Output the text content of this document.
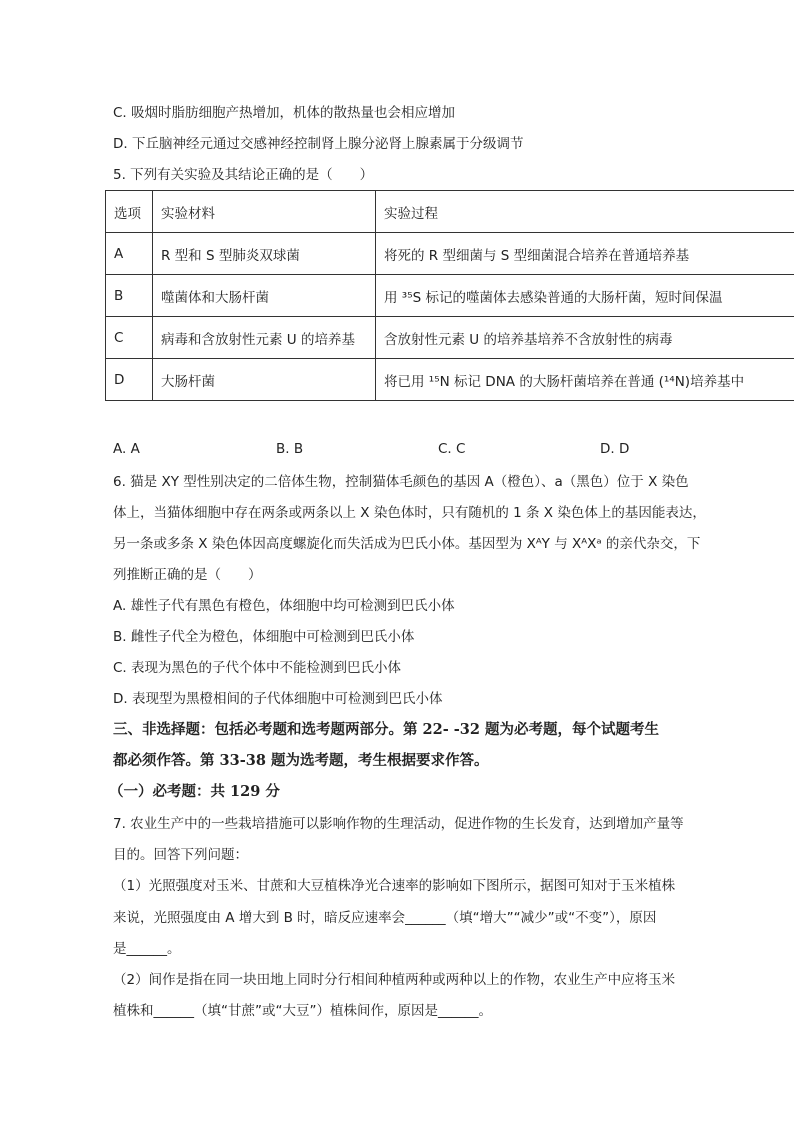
C. 吸烟时脂肪细胞产热增加，机体的散热量也会相应增加
D. 下丘脑神经元通过交感神经控制肾上腺分泌肾上腺素属于分级调节
5. 下列有关实验及其结论正确的是（　　）
选项	实验材料	实验过程
A	R 型和 S 型肺炎双球菌	将死的 R 型细菌与 S 型细菌混合培养在普通培养基
B	噬菌体和大肠杆菌	用 ³⁵S 标记的噬菌体去感染普通的大肠杆菌，短时间保温
C	病毒和含放射性元素 U 的培养基	含放射性元素 U 的培养基培养不含放射性的病毒
D	大肠杆菌	将已用 ¹⁵N 标记 DNA 的大肠杆菌培养在普通 (¹⁴N)培养基中
A. A	B. B	C. C	D. D
6. 猫是 XY 型性别决定的二倍体生物，控制猫体毛颜色的基因 A（橙色）、a（黑色）位于 X 染色
体上，当猫体细胞中存在两条或两条以上 X 染色体时，只有随机的 1 条 X 染色体上的基因能表达，
另一条或多条 X 染色体因高度螺旋化而失活成为巴氏小体。基因型为 XᴬY 与 XᴬXᵃ 的亲代杂交，下
列推断正确的是（　　）
A. 雄性子代有黑色有橙色，体细胞中均可检测到巴氏小体
B. 雌性子代全为橙色，体细胞中可检测到巴氏小体
C. 表现为黑色的子代个体中不能检测到巴氏小体
D. 表现型为黑橙相间的子代体细胞中可检测到巴氏小体
三、非选择题：包括必考题和选考题两部分。第 22- -32 题为必考题，每个试题考生
都必须作答。第 33-38 题为选考题，考生根据要求作答。
（一）必考题：共 129 分
7. 农业生产中的一些栽培措施可以影响作物的生理活动，促进作物的生长发育，达到增加产量等
目的。回答下列问题：
（1）光照强度对玉米、甘蔗和大豆植株净光合速率的影响如下图所示，据图可知对于玉米植株
来说，光照强度由 A 增大到 B 时，暗反应速率会______（填“增大”“减少”或“不变”），原因
是______。
（2）间作是指在同一块田地上同时分行相间种植两种或两种以上的作物，农业生产中应将玉米
植株和______（填“甘蔗”或“大豆”）植株间作，原因是______。
